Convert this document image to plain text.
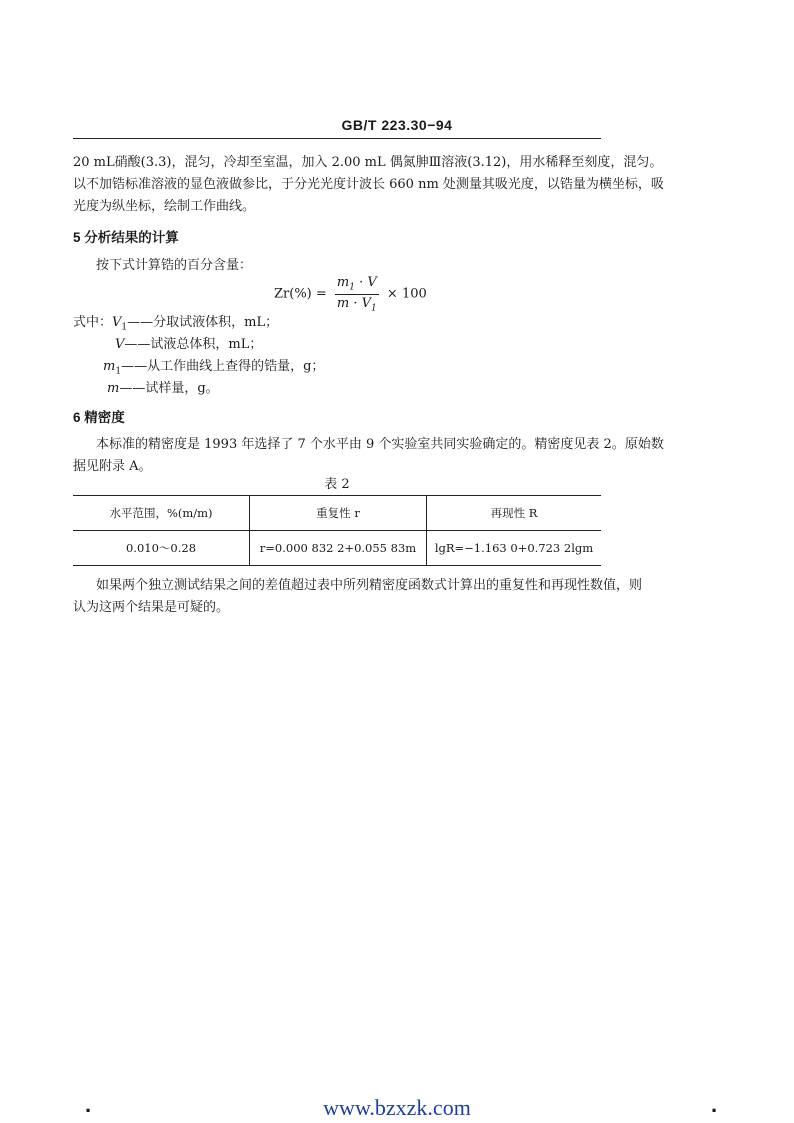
GB/T 223.30−94
20 mL硝酸(3.3)，混匀，冷却至室温，加入 2.00 mL 偶氮胂Ⅲ溶液(3.12)，用水稀释至刻度，混匀。
以不加锆标准溶液的显色液做参比，于分光光度计波长 660 nm 处测量其吸光度，以锆量为横坐标，吸
光度为纵坐标，绘制工作曲线。
5 分析结果的计算
按下式计算锆的百分含量：
$Zr(\%) = \frac{m_1 \cdot V}{m \cdot V_1} \times 100$
式中：$V_1——$分取试液体积，mL；
V——试液总体积，mL；
$m_1——$从工作曲线上查得的锆量，g；
m——试样量，g。
6 精密度
本标准的精密度是 1993 年选择了 7 个水平由 9 个实验室共同实验确定的。精密度见表 2。原始数
据见附录 A。
表 2
水平范围，%(m/m)	重复性 r	再现性 R
0.010～0.28	r=0.000 832 2+0.055 83m	lgR=−1.163 0+0.723 2lgm
如果两个独立测试结果之间的差值超过表中所列精密度函数式计算出的重复性和再现性数值，则
认为这两个结果是可疑的。
.	www.bzxzk.com	.
